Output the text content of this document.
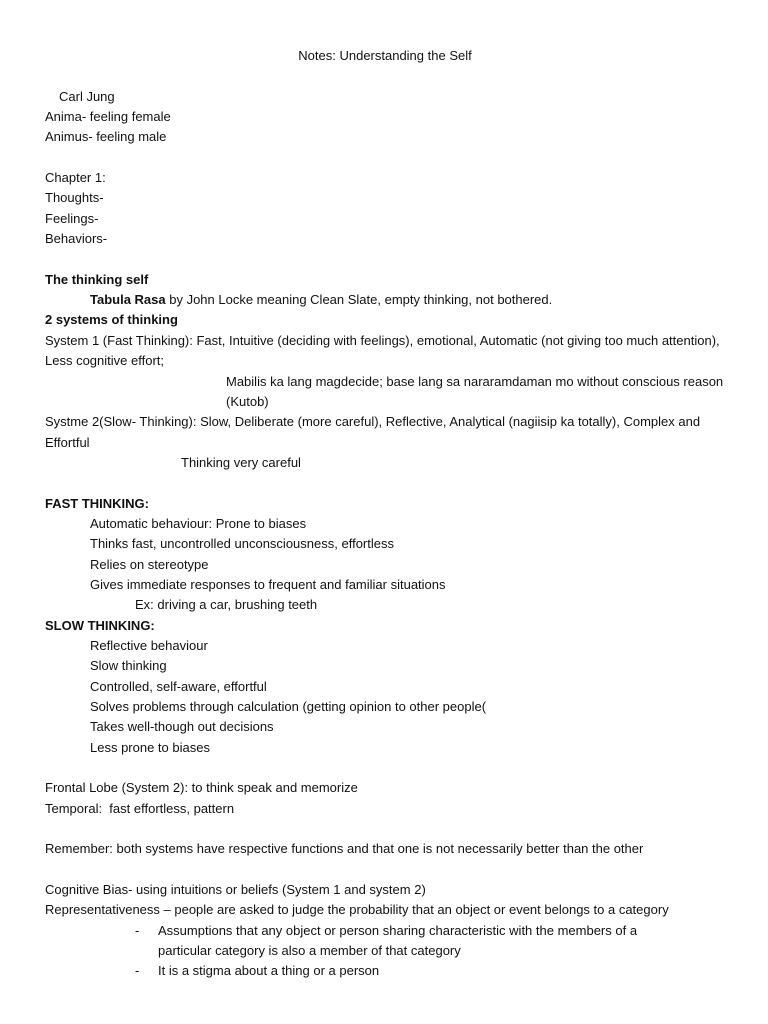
Notes: Understanding the Self
Carl Jung
Anima- feeling female
Animus- feeling male
Chapter 1:
Thoughts-
Feelings-
Behaviors-
The thinking self
Tabula Rasa by John Locke meaning Clean Slate, empty thinking, not bothered.
2 systems of thinking
System 1 (Fast Thinking): Fast, Intuitive (deciding with feelings), emotional, Automatic (not giving too much attention), Less cognitive effort;
Mabilis ka lang magdecide; base lang sa nararamdaman mo without conscious reason (Kutob)
Systme 2(Slow- Thinking): Slow, Deliberate (more careful), Reflective, Analytical (nagiisip ka totally), Complex and Effortful
Thinking very careful
FAST THINKING:
Automatic behaviour: Prone to biases
Thinks fast, uncontrolled unconsciousness, effortless
Relies on stereotype
Gives immediate responses to frequent and familiar situations
Ex: driving a car, brushing teeth
SLOW THINKING:
Reflective behaviour
Slow thinking
Controlled, self-aware, effortful
Solves problems through calculation (getting opinion to other people(
Takes well-though out decisions
Less prone to biases
Frontal Lobe (System 2): to think speak and memorize
Temporal:  fast effortless, pattern
Remember: both systems have respective functions and that one is not necessarily better than the other
Cognitive Bias- using intuitions or beliefs (System 1 and system 2)
Representativeness – people are asked to judge the probability that an object or event belongs to a category
-	Assumptions that any object or person sharing characteristic with the members of a particular category is also a member of that category
-	It is a stigma about a thing or a person
